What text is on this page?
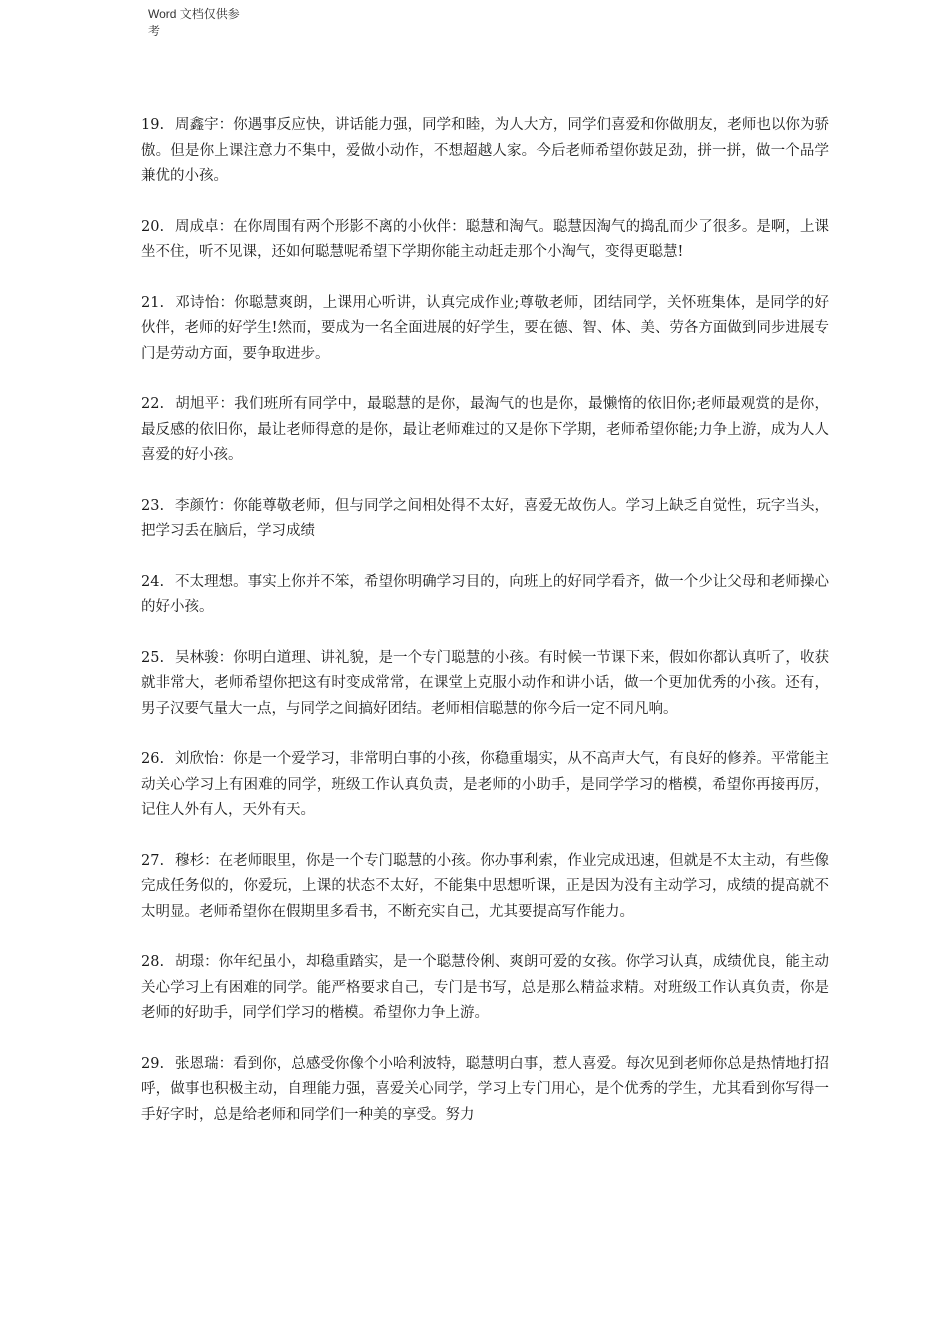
Word 文档仅供参
考

19. 周鑫宇：你遇事反应快，讲话能力强，同学和睦，为人大方，同学们喜爱和你做朋友，老师也以你为骄傲。但是你上课注意力不集中，爱做小动作，不想超越人家。今后老师希望你鼓足劲，拼一拼，做一个品学兼优的小孩。

20. 周成卓：在你周围有两个形影不离的小伙伴：聪慧和淘气。聪慧因淘气的捣乱而少了很多。是啊，上课坐不住，听不见课，还如何聪慧呢希望下学期你能主动赶走那个小淘气，变得更聪慧!

21. 邓诗怡：你聪慧爽朗，上课用心听讲，认真完成作业;尊敬老师，团结同学，关怀班集体，是同学的好伙伴，老师的好学生!然而，要成为一名全面进展的好学生，要在德、智、体、美、劳各方面做到同步进展专门是劳动方面，要争取进步。

22. 胡旭平：我们班所有同学中，最聪慧的是你，最淘气的也是你，最懒惰的依旧你;老师最观赏的是你，最反感的依旧你，最让老师得意的是你，最让老师难过的又是你下学期，老师希望你能;力争上游，成为人人喜爱的好小孩。

23. 李颜竹：你能尊敬老师，但与同学之间相处得不太好，喜爱无故伤人。学习上缺乏自觉性，玩字当头，把学习丢在脑后，学习成绩

24. 不太理想。事实上你并不笨，希望你明确学习目的，向班上的好同学看齐，做一个少让父母和老师操心的好小孩。

25. 吴林骏：你明白道理、讲礼貌，是一个专门聪慧的小孩。有时候一节课下来，假如你都认真听了，收获就非常大，老师希望你把这有时变成常常，在课堂上克服小动作和讲小话，做一个更加优秀的小孩。还有，男子汉要气量大一点，与同学之间搞好团结。老师相信聪慧的你今后一定不同凡响。

26. 刘欣怡：你是一个爱学习，非常明白事的小孩，你稳重塌实，从不高声大气，有良好的修养。平常能主动关心学习上有困难的同学，班级工作认真负责，是老师的小助手，是同学学习的楷模，希望你再接再厉，记住人外有人，天外有天。

27. 穆杉：在老师眼里，你是一个专门聪慧的小孩。你办事利索，作业完成迅速，但就是不太主动，有些像完成任务似的，你爱玩，上课的状态不太好，不能集中思想听课，正是因为没有主动学习，成绩的提高就不太明显。老师希望你在假期里多看书，不断充实自己，尤其要提高写作能力。

28. 胡璟：你年纪虽小，却稳重踏实，是一个聪慧伶俐、爽朗可爱的女孩。你学习认真，成绩优良，能主动关心学习上有困难的同学。能严格要求自己，专门是书写，总是那么精益求精。对班级工作认真负责，你是老师的好助手，同学们学习的楷模。希望你力争上游。

29. 张恩瑞：看到你，总感受你像个小哈利波特，聪慧明白事，惹人喜爱。每次见到老师你总是热情地打招呼，做事也积极主动，自理能力强，喜爱关心同学，学习上专门用心，是个优秀的学生，尤其看到你写得一手好字时，总是给老师和同学们一种美的享受。努力
